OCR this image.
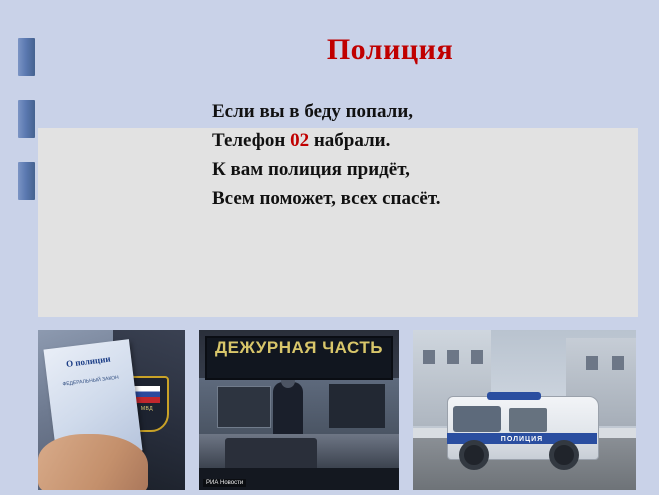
Полиция
Если вы в беду попали,
Телефон 02 набрали.
К вам полиция придёт,
Всем поможет, всех спасёт.
МВД
О полиции
ФЕДЕРАЛЬНЫЙ ЗАКОН
ДЕЖУРНАЯ ЧАСТЬ
РИА Новости
ПОЛИЦИЯ
